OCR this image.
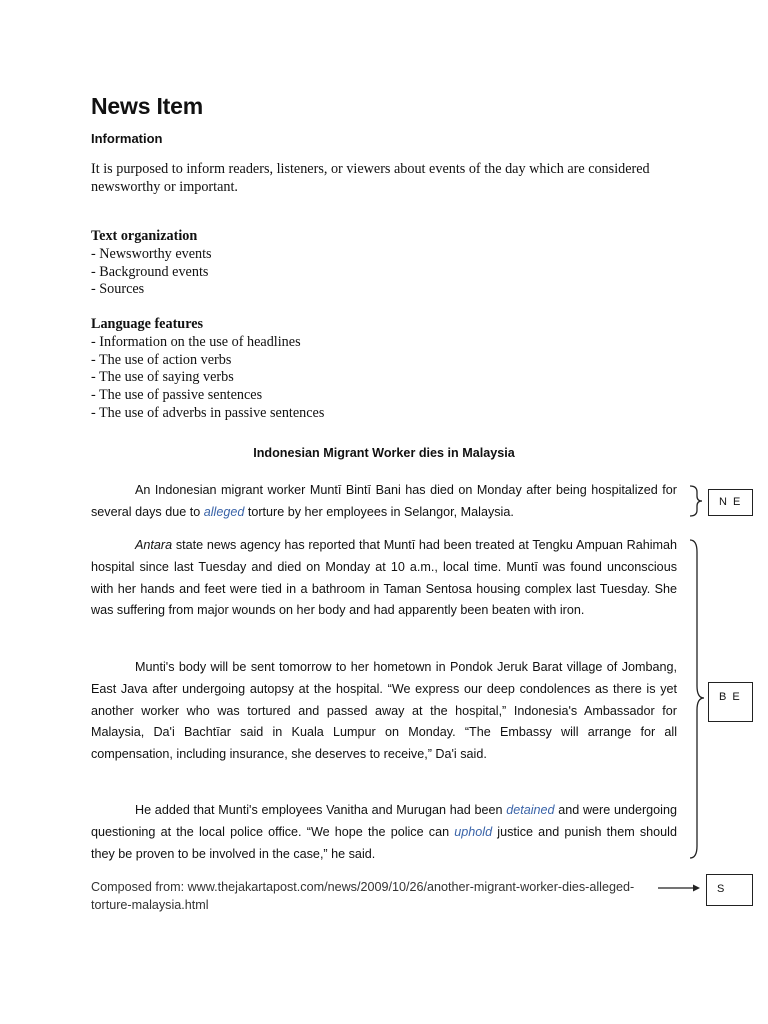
News Item
Information
It is purposed to inform readers, listeners, or viewers about events of the day which are considered newsworthy or important.
Text organization
- Newsworthy events
- Background events
- Sources
Language features
- Information on the use of headlines
- The use of action verbs
- The use of saying verbs
- The use of passive sentences
- The use of adverbs in passive sentences
Indonesian Migrant Worker dies in Malaysia
An Indonesian migrant worker Muntī Bintī Bani has died on Monday after being hospitalized for several days due to alleged torture by her employees in Selangor, Malaysia.
Antara state news agency has reported that Muntī had been treated at Tengku Ampuan Rahimah hospital since last Tuesday and died on Monday at 10 a.m., local time. Muntī was found unconscious with her hands and feet were tied in a bathroom in Taman Sentosa housing complex last Tuesday. She was suffering from major wounds on her body and had apparently been beaten with iron.
Munti's body will be sent tomorrow to her hometown in Pondok Jeruk Barat village of Jombang, East Java after undergoing autopsy at the hospital. “We express our deep condolences as there is yet another worker who was tortured and passed away at the hospital,” Indonesia's Ambassador for Malaysia, Da'i Bachtīar said in Kuala Lumpur on Monday. “The Embassy will arrange for all compensation, including insurance, she deserves to receive,” Da'i said.
He added that Munti's employees Vanitha and Murugan had been detained and were undergoing questioning at the local police office. “We hope the police can uphold justice and punish them should they be proven to be involved in the case,” he said.
Composed from: www.thejakartapost.com/news/2009/10/26/another-migrant-worker-dies-alleged-torture-malaysia.html
N E
B E
S
